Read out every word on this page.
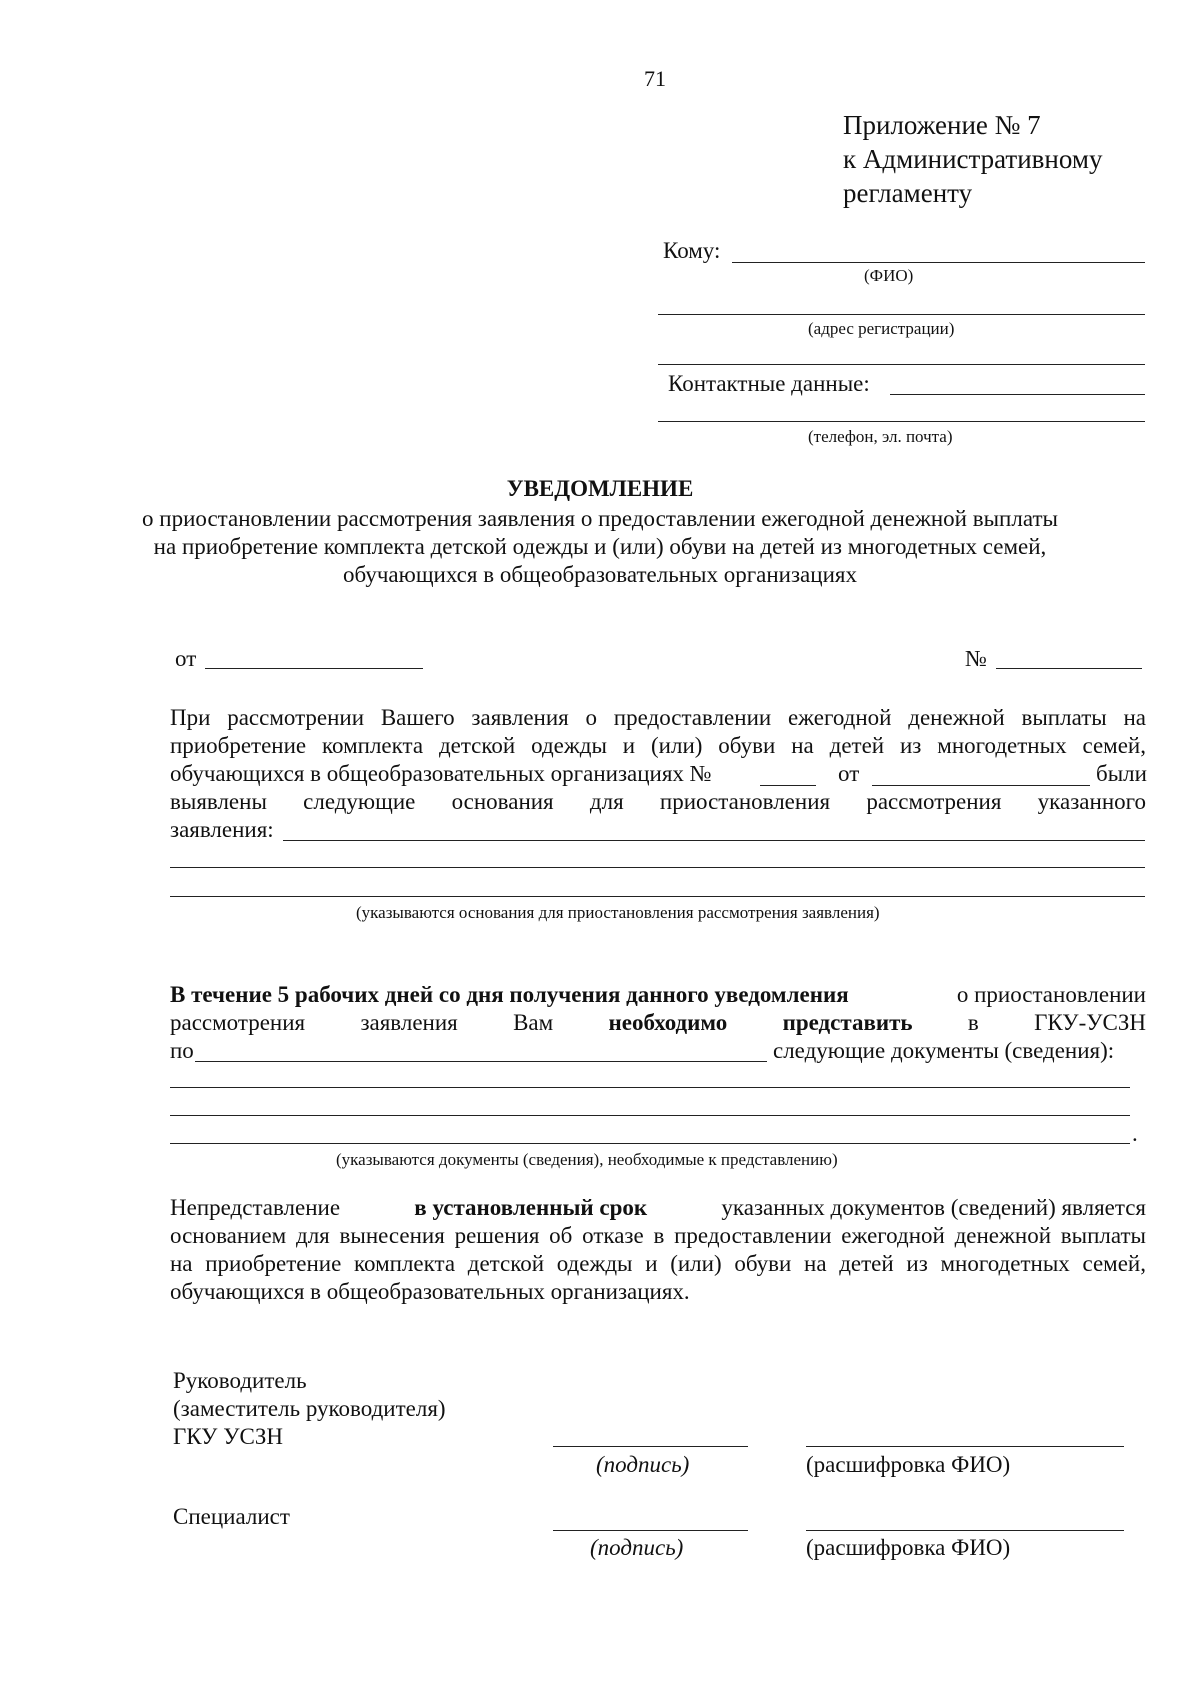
71
Приложение № 7
к Административному
регламенту
Кому:
(ФИО)
(адрес регистрации)
Контактные данные:
(телефон, эл. почта)
УВЕДОМЛЕНИЕ
о приостановлении рассмотрения заявления о предоставлении ежегодной денежной выплаты
на приобретение комплекта детской одежды и (или) обуви на детей из многодетных семей,
обучающихся в общеобразовательных организациях
от	№
При рассмотрении Вашего заявления о предоставлении ежегодной денежной выплаты на
приобретение комплекта детской одежды и (или) обуви на детей из многодетных семей,
обучающихся в общеобразовательных организациях №	от	были
выявлены следующие основания для приостановления рассмотрения указанного
заявления:
(указываются основания для приостановления рассмотрения заявления)
В течение 5 рабочих дней со дня получения данного уведомления	о приостановлении
рассмотрения заявления Вам необходимо представить в ГКУ-УСЗН
по	следующие документы (сведения):
.
(указываются документы (сведения), необходимые к представлению)
Непредставление	в установленный срок	указанных документов (сведений) является
основанием для вынесения решения об отказе в предоставлении ежегодной денежной выплаты
на приобретение комплекта детской одежды и (или) обуви на детей из многодетных семей,
обучающихся в общеобразовательных организациях.
Руководитель
(заместитель руководителя)
ГКУ УСЗН
(подпись)	(расшифровка ФИО)
Специалист
(подпись)	(расшифровка ФИО)
